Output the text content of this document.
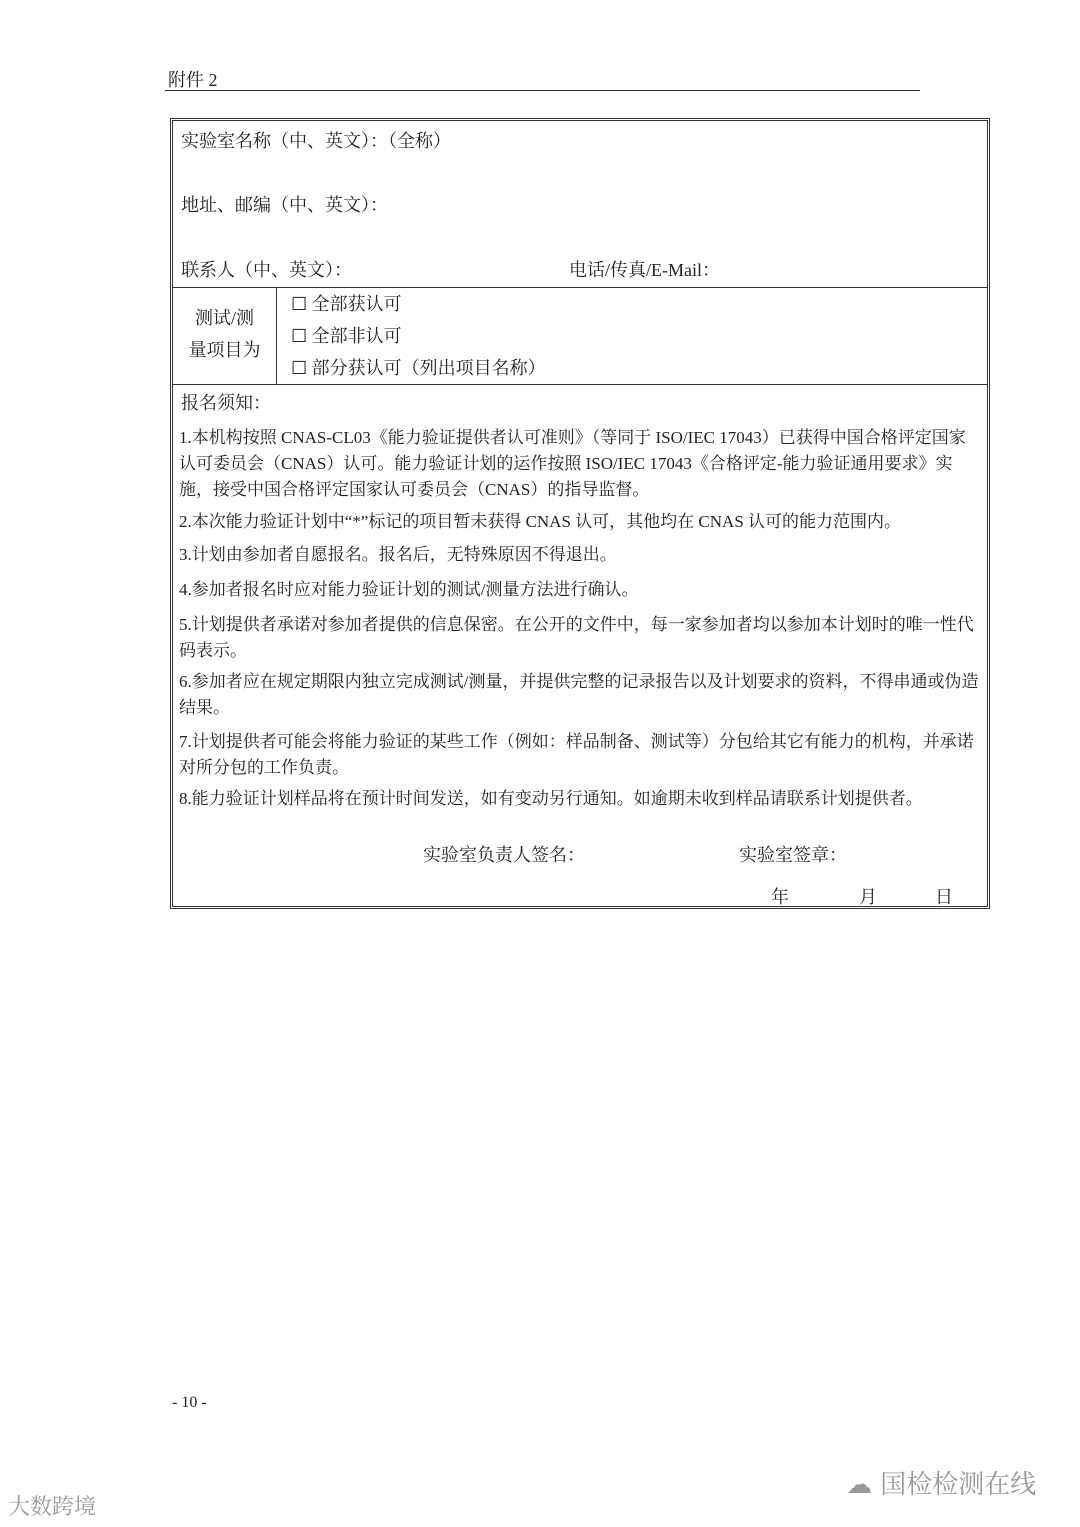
附件 2
实验室名称（中、英文）：（全称）
地址、邮编（中、英文）：
联系人（中、英文）：	电话/传真/E-Mail：
测试/测
量项目为
☐ 全部获认可
☐ 全部非认可
☐ 部分获认可（列出项目名称）
报名须知：
1.本机构按照 CNAS-CL03《能力验证提供者认可准则》（等同于 ISO/IEC 17043）已获得中国合格评定国家认可委员会（CNAS）认可。能力验证计划的运作按照 ISO/IEC 17043《合格评定-能力验证通用要求》实施，接受中国合格评定国家认可委员会（CNAS）的指导监督。
2.本次能力验证计划中“*”标记的项目暂未获得 CNAS 认可，其他均在 CNAS 认可的能力范围内。
3.计划由参加者自愿报名。报名后，无特殊原因不得退出。
4.参加者报名时应对能力验证计划的测试/测量方法进行确认。
5.计划提供者承诺对参加者提供的信息保密。在公开的文件中，每一家参加者均以参加本计划时的唯一性代码表示。
6.参加者应在规定期限内独立完成测试/测量，并提供完整的记录报告以及计划要求的资料，不得串通或伪造结果。
7.计划提供者可能会将能力验证的某些工作（例如：样品制备、测试等）分包给其它有能力的机构，并承诺对所分包的工作负责。
8.能力验证计划样品将在预计时间发送，如有变动另行通知。如逾期未收到样品请联系计划提供者。
实验室负责人签名：	实验室签章：
年	月	日
- 10 -
大数跨境
☁ 国检检测在线
